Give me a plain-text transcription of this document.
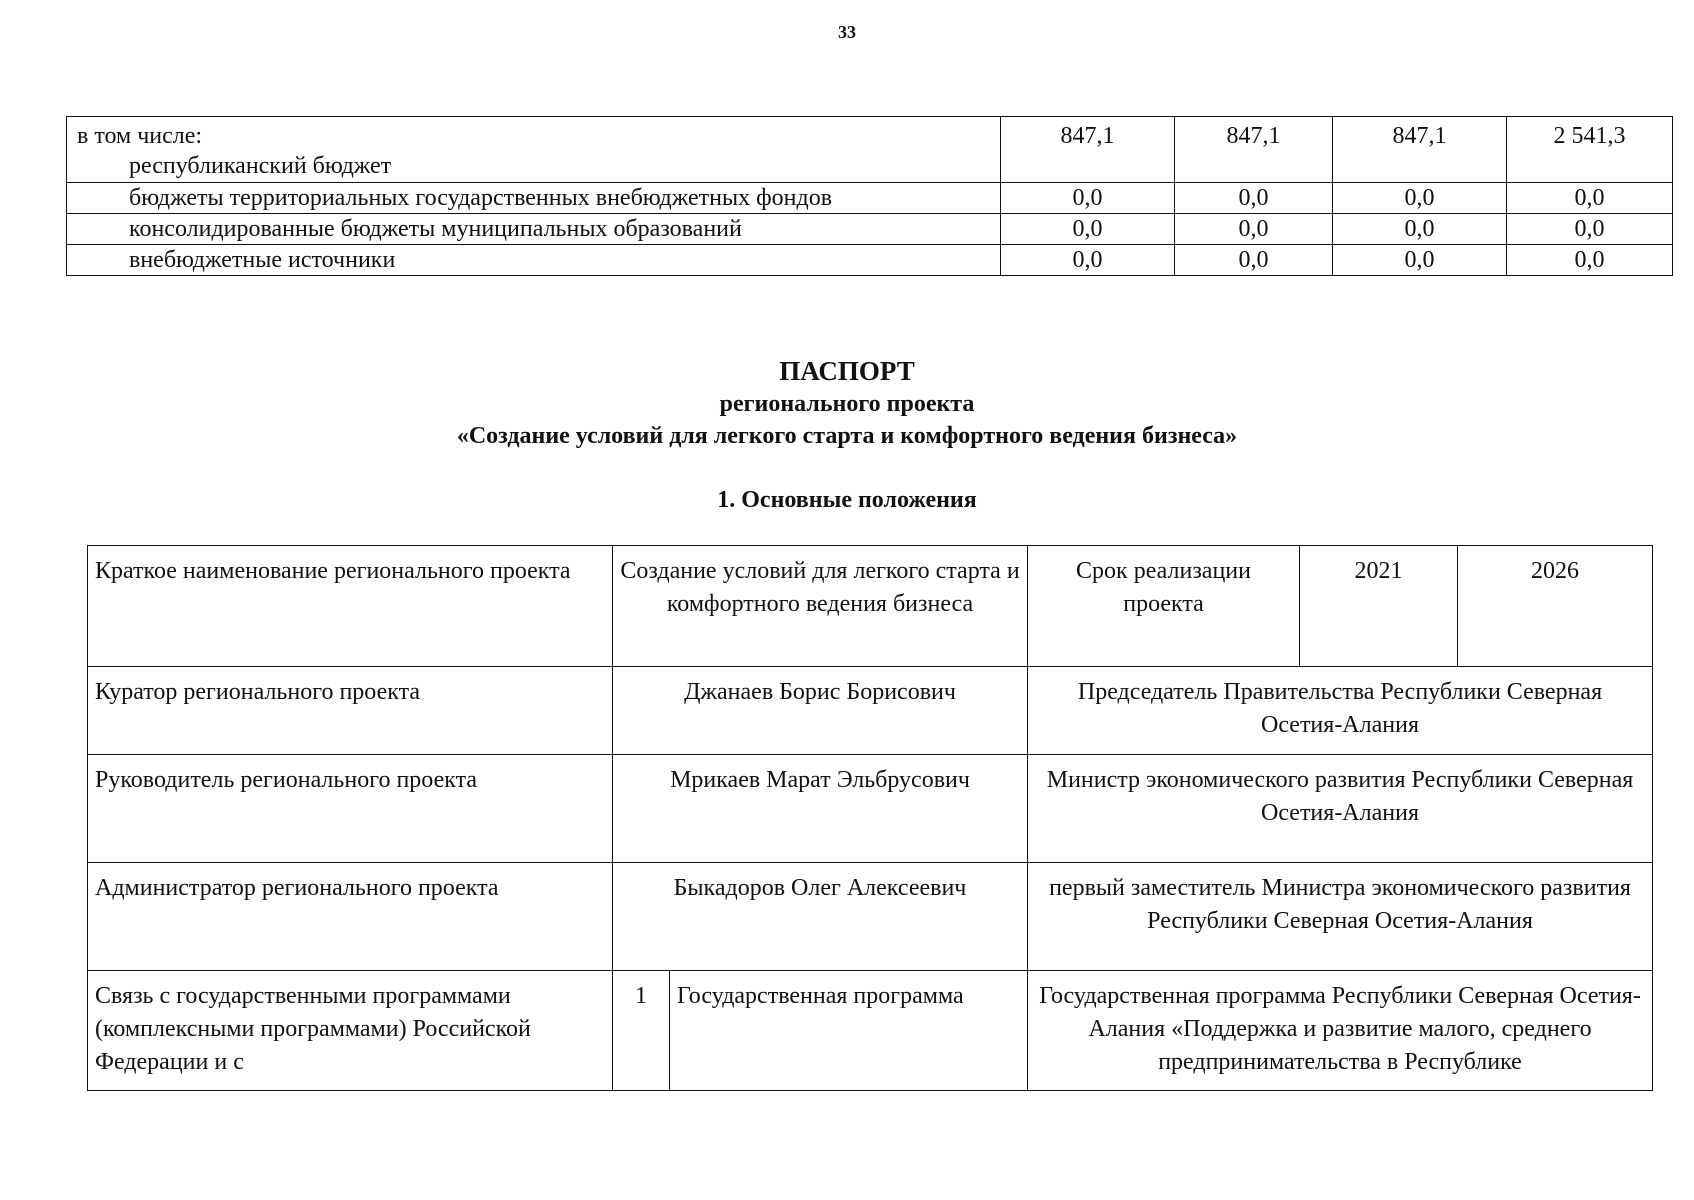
33
в том числе:
республиканский бюджет	847,1	847,1	847,1	2 541,3
бюджеты территориальных государственных внебюджетных фондов	0,0	0,0	0,0	0,0
консолидированные бюджеты муниципальных образований	0,0	0,0	0,0	0,0
внебюджетные источники	0,0	0,0	0,0	0,0
ПАСПОРТ
регионального проекта
«Создание условий для легкого старта и комфортного ведения бизнеса»
1. Основные положения
Краткое наименование регионального проекта	Создание условий для легкого старта и комфортного ведения бизнеса		Срок реализации проекта	2021	2026
Куратор регионального проекта	Джанаев Борис Борисович		Председатель Правительства Республики Северная Осетия-Алания		
Руководитель регионального проекта	Мрикаев Марат Эльбрусович		Министр экономического развития Республики Северная Осетия-Алания		
Администратор регионального проекта	Быкадоров Олег Алексеевич		первый заместитель Министра экономического развития Республики Северная Осетия-Алания		
Связь с государственными программами (комплексными программами) Российской Федерации и с	1	Государственная программа	Государственная программа Республики Северная Осетия-Алания «Поддержка и развитие малого, среднего предпринимательства в Республике		
